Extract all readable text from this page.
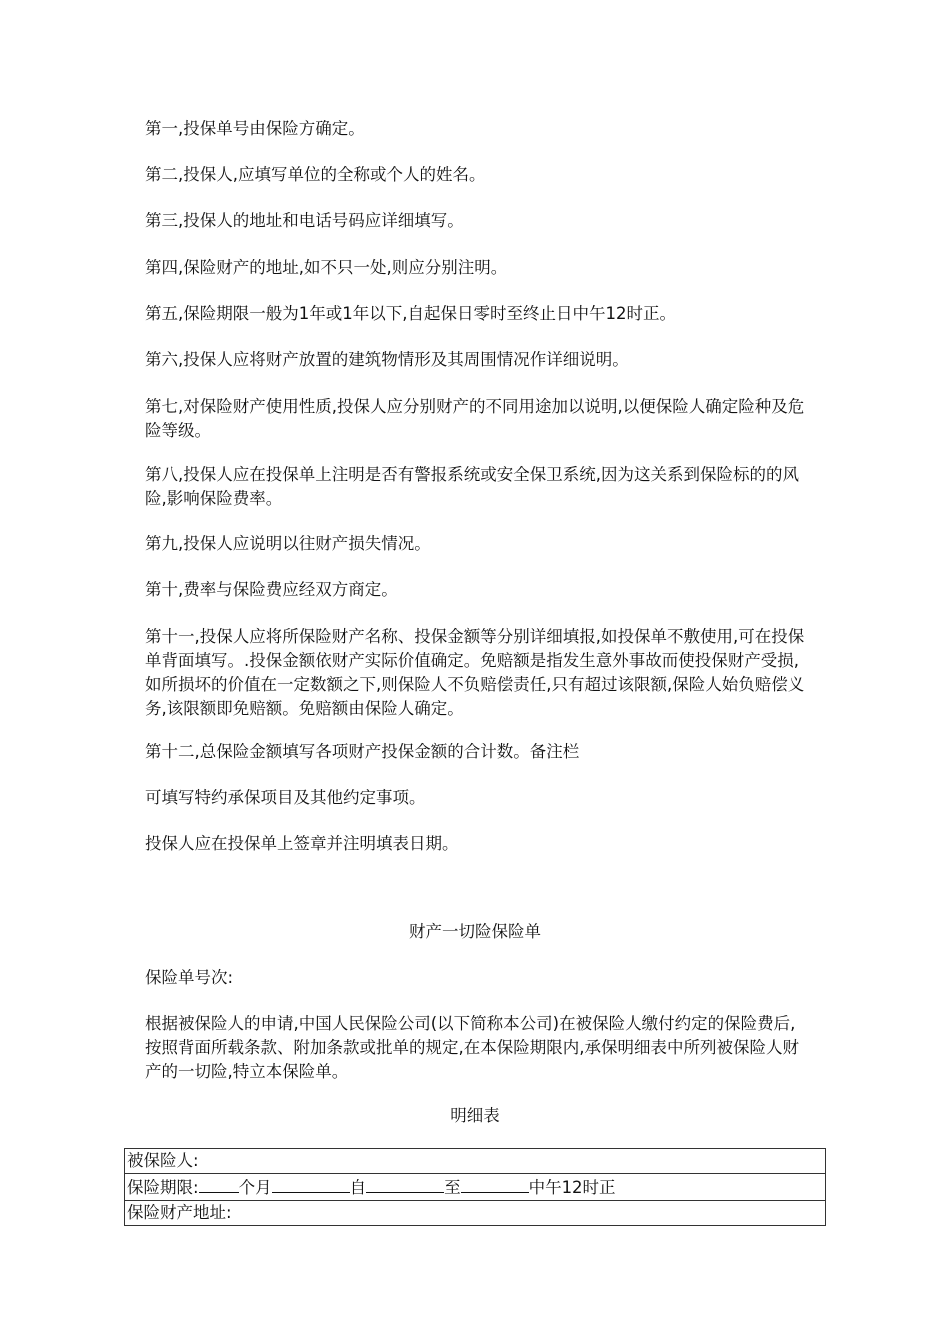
第一,投保单号由保险方确定。

第二,投保人,应填写单位的全称或个人的姓名。

第三,投保人的地址和电话号码应详细填写。

第四,保险财产的地址,如不只一处,则应分别注明。

第五,保险期限一般为1年或1年以下,自起保日零时至终止日中午12时正。

第六,投保人应将财产放置的建筑物情形及其周围情况作详细说明。

第七,对保险财产使用性质,投保人应分别财产的不同用途加以说明,以便保险人确定险种及危险等级。

第八,投保人应在投保单上注明是否有警报系统或安全保卫系统,因为这关系到保险标的的风险,影响保险费率。

第九,投保人应说明以往财产损失情况。

第十,费率与保险费应经双方商定。

第十一,投保人应将所保险财产名称、投保金额等分别详细填报,如投保单不敷使用,可在投保单背面填写。.投保金额依财产实际价值确定。免赔额是指发生意外事故而使投保财产受损,如所损坏的价值在一定数额之下,则保险人不负赔偿责任,只有超过该限额,保险人始负赔偿义务,该限额即免赔额。免赔额由保险人确定。

第十二,总保险金额填写各项财产投保金额的合计数。备注栏

可填写特约承保项目及其他约定事项。

投保人应在投保单上签章并注明填表日期。

财产一切险保险单

保险单号次:

根据被保险人的申请,中国人民保险公司(以下简称本公司)在被保险人缴付约定的保险费后,按照背面所载条款、附加条款或批单的规定,在本保险期限内,承保明细表中所列被保险人财产的一切险,特立本保险单。

明细表

被保险人:
保险期限: 个月	自	至	中午12时正
保险财产地址:
